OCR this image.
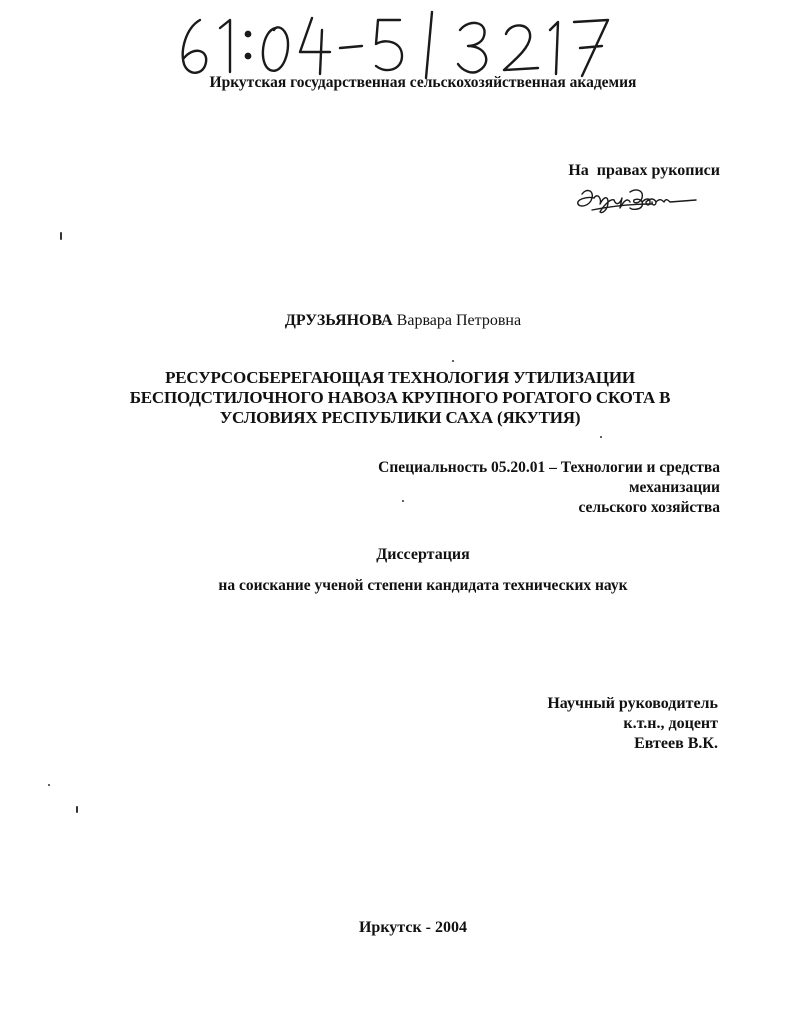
Иркутская государственная сельскохозяйственная академия
На  правах рукописи
ДРУЗЬЯНОВА Варвара Петровна
РЕСУРСОСБЕРЕГАЮЩАЯ ТЕХНОЛОГИЯ УТИЛИЗАЦИИ
БЕСПОДСТИЛОЧНОГО НАВОЗА КРУПНОГО РОГАТОГО СКОТА В
УСЛОВИЯХ РЕСПУБЛИКИ САХА (ЯКУТИЯ)
Специальность 05.20.01 – Технологии и средства
механизации
сельского хозяйства
Диссертация
на соискание ученой степени кандидата технических наук
Научный руководитель
к.т.н., доцент
Евтеев В.К.
Иркутск - 2004
